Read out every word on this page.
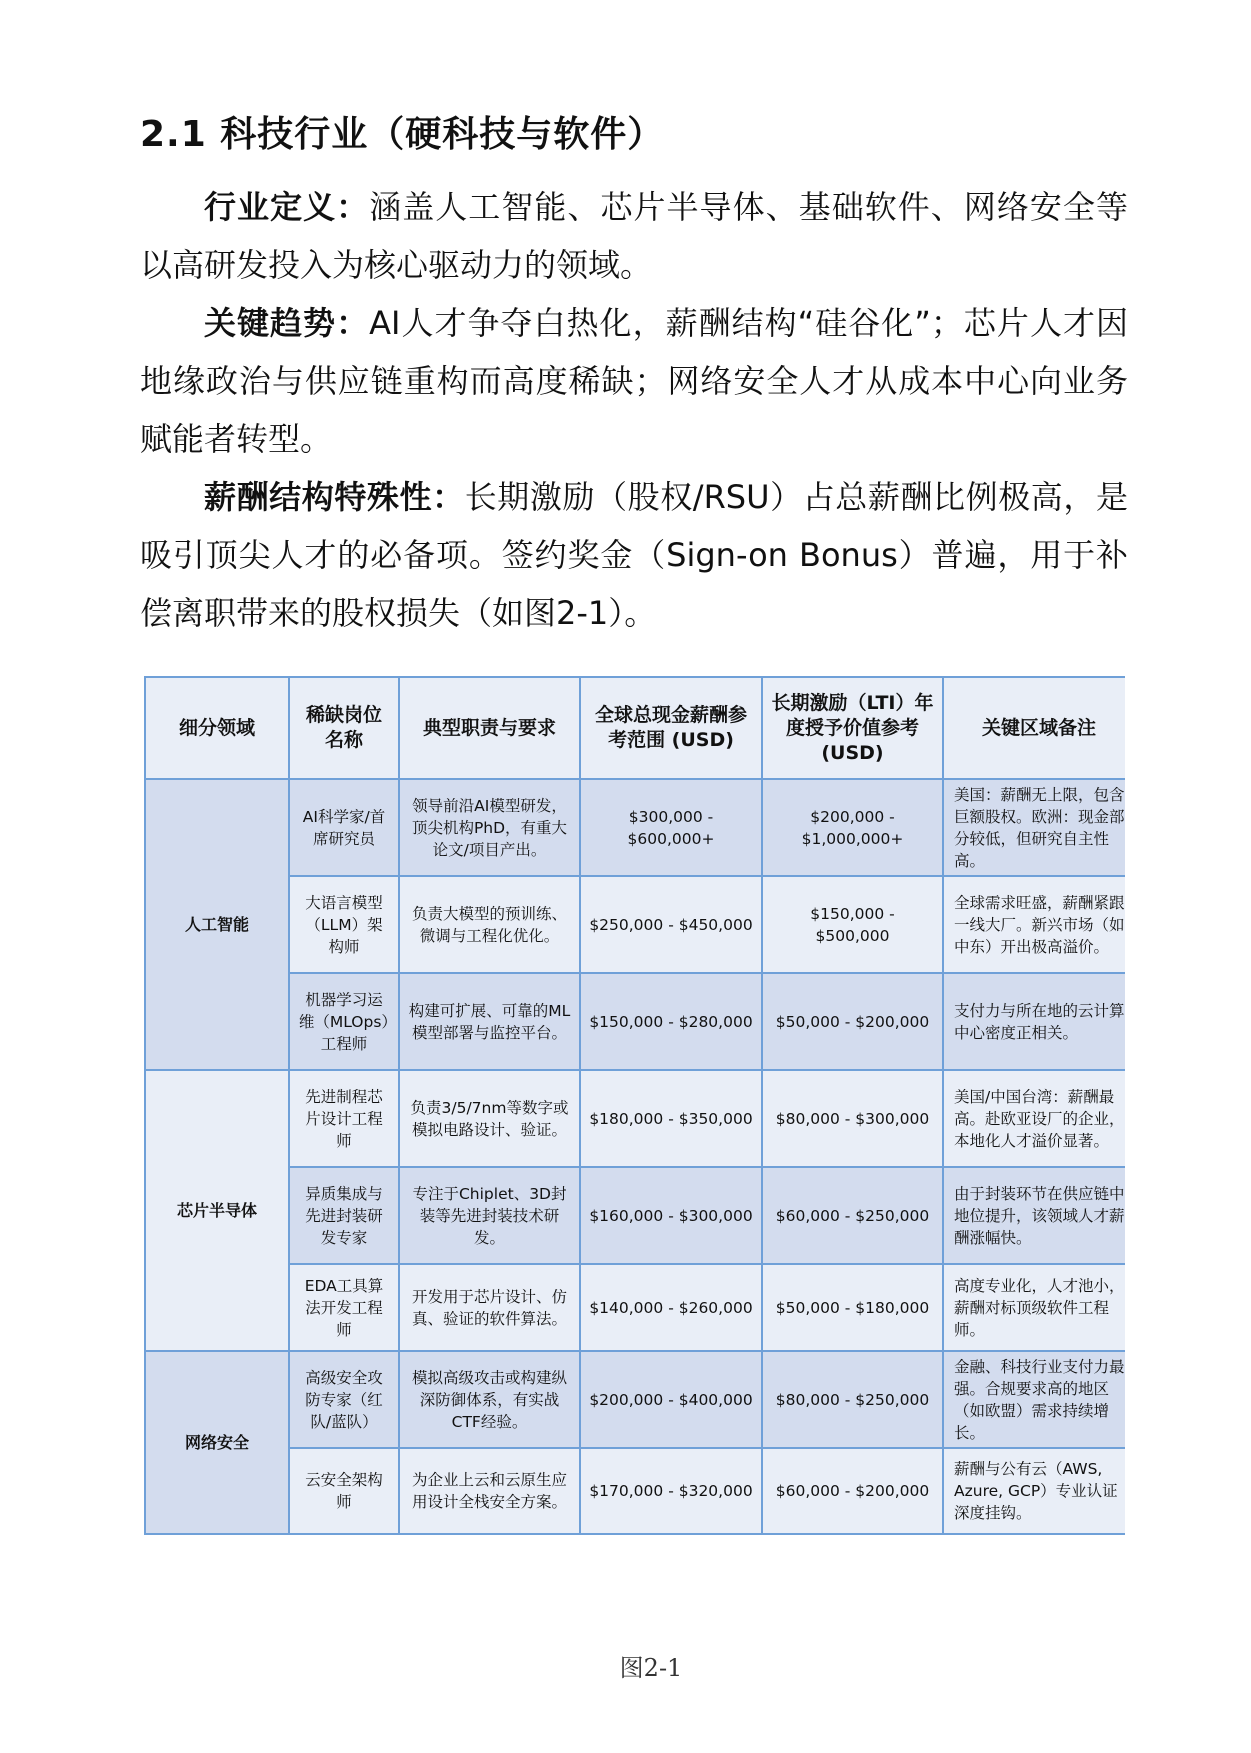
2.1 科技行业（硬科技与软件）

行业定义：涵盖人工智能、芯片半导体、基础软件、网络安全等以高研发投入为核心驱动力的领域。

关键趋势：AI人才争夺白热化，薪酬结构“硅谷化”；芯片人才因地缘政治与供应链重构而高度稀缺；网络安全人才从成本中心向业务赋能者转型。

薪酬结构特殊性：长期激励（股权/RSU）占总薪酬比例极高，是吸引顶尖人才的必备项。签约奖金（Sign-on Bonus）普遍，用于补偿离职带来的股权损失（如图2-1）。

细分领域	稀缺岗位名称	典型职责与要求	全球总现金薪酬参考范围 (USD)	长期激励（LTI）年度授予价值参考 (USD)	关键区域备注
人工智能	AI科学家/首席研究员	领导前沿AI模型研发，顶尖机构PhD，有重大论文/项目产出。	$300,000 - $600,000+	$200,000 - $1,000,000+	美国：薪酬无上限，包含巨额股权。欧洲：现金部分较低，但研究自主性高。
	大语言模型（LLM）架构师	负责大模型的预训练、微调与工程化优化。	$250,000 - $450,000	$150,000 - $500,000	全球需求旺盛，薪酬紧跟一线大厂。新兴市场（如中东）开出极高溢价。
	机器学习运维（MLOps）工程师	构建可扩展、可靠的ML模型部署与监控平台。	$150,000 - $280,000	$50,000 - $200,000	支付力与所在地的云计算中心密度正相关。
芯片半导体	先进制程芯片设计工程师	负责3/5/7nm等数字或模拟电路设计、验证。	$180,000 - $350,000	$80,000 - $300,000	美国/中国台湾：薪酬最高。赴欧亚设厂的企业，本地化人才溢价显著。
	异质集成与先进封装研发专家	专注于Chiplet、3D封装等先进封装技术研发。	$160,000 - $300,000	$60,000 - $250,000	由于封装环节在供应链中地位提升，该领域人才薪酬涨幅快。
	EDA工具算法开发工程师	开发用于芯片设计、仿真、验证的软件算法。	$140,000 - $260,000	$50,000 - $180,000	高度专业化，人才池小，薪酬对标顶级软件工程师。
网络安全	高级安全攻防专家（红队/蓝队）	模拟高级攻击或构建纵深防御体系，有实战CTF经验。	$200,000 - $400,000	$80,000 - $250,000	金融、科技行业支付力最强。合规要求高的地区（如欧盟）需求持续增长。
	云安全架构师	为企业上云和云原生应用设计全栈安全方案。	$170,000 - $320,000	$60,000 - $200,000	薪酬与公有云（AWS, Azure, GCP）专业认证深度挂钩。
图2-1
